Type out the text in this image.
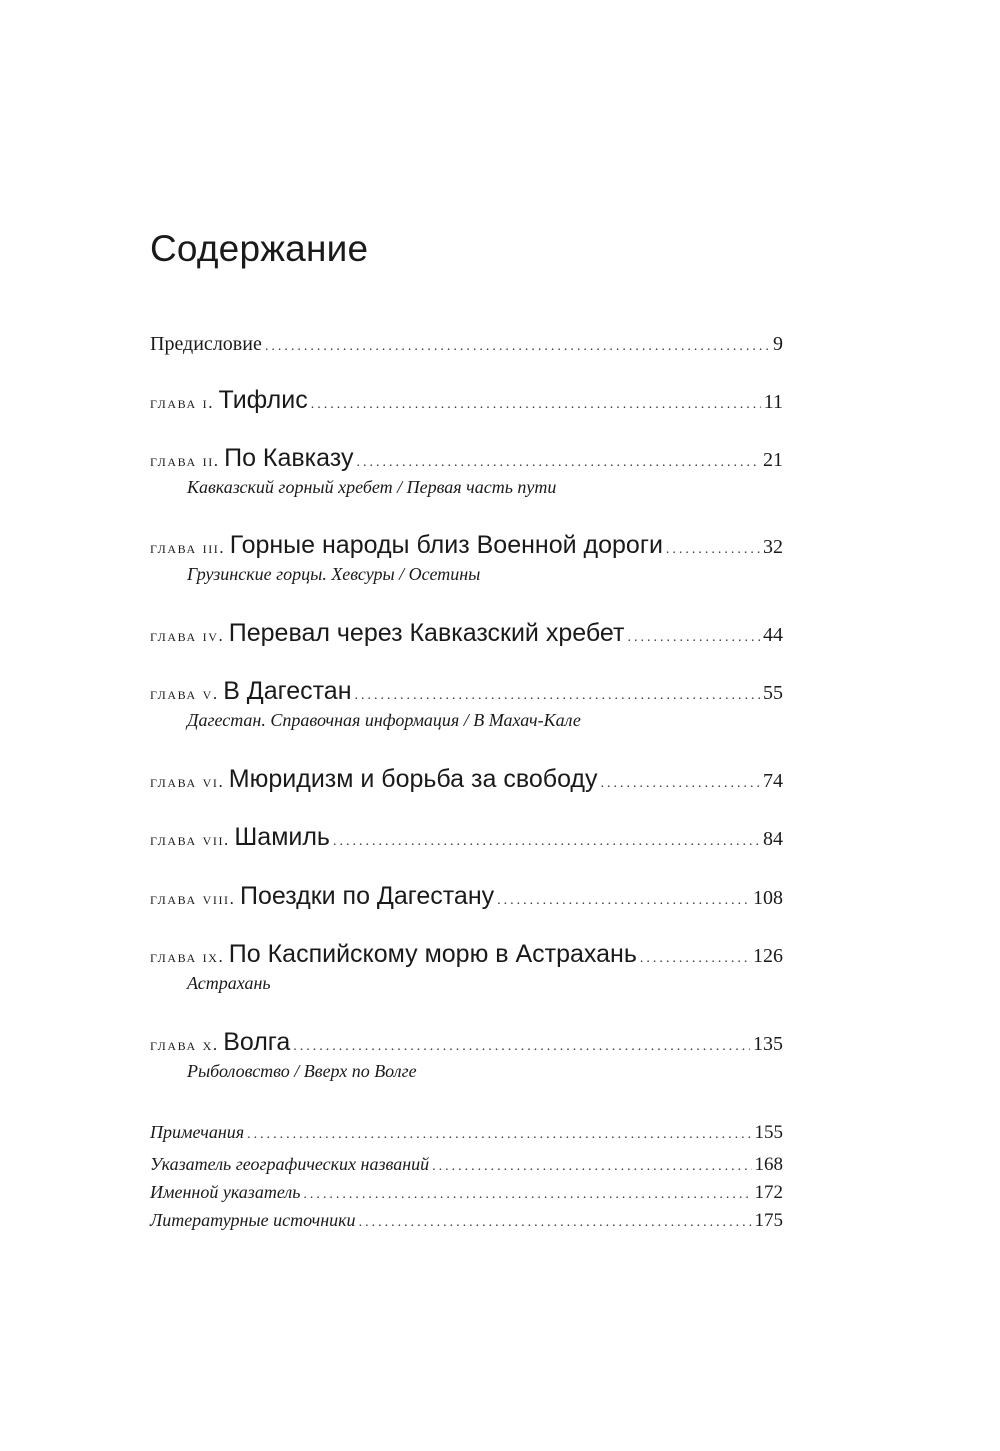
Содержание
Предисловие .....	9
глава i. Тифлис .....	11
глава ii. По Кавказу .....	21
Кавказский горный хребет / Первая часть пути
глава iii. Горные народы близ Военной дороги .....	32
Грузинские горцы. Хевсуры / Осетины
глава iv. Перевал через Кавказский хребет .....	44
глава v. В Дагестан .....	55
Дагестан. Справочная информация / В Махач-Кале
глава vi. Мюридизм и борьба за свободу .....	74
глава vii. Шамиль .....	84
глава viii. Поездки по Дагестану .....	108
глава ix. По Каспийскому морю в Астрахань .....	126
Астрахань
глава x. Волга .....	135
Рыболовство / Вверх по Волге
Примечания .....	155
Указатель географических названий .....	168
Именной указатель .....	172
Литературные источники .....	175
